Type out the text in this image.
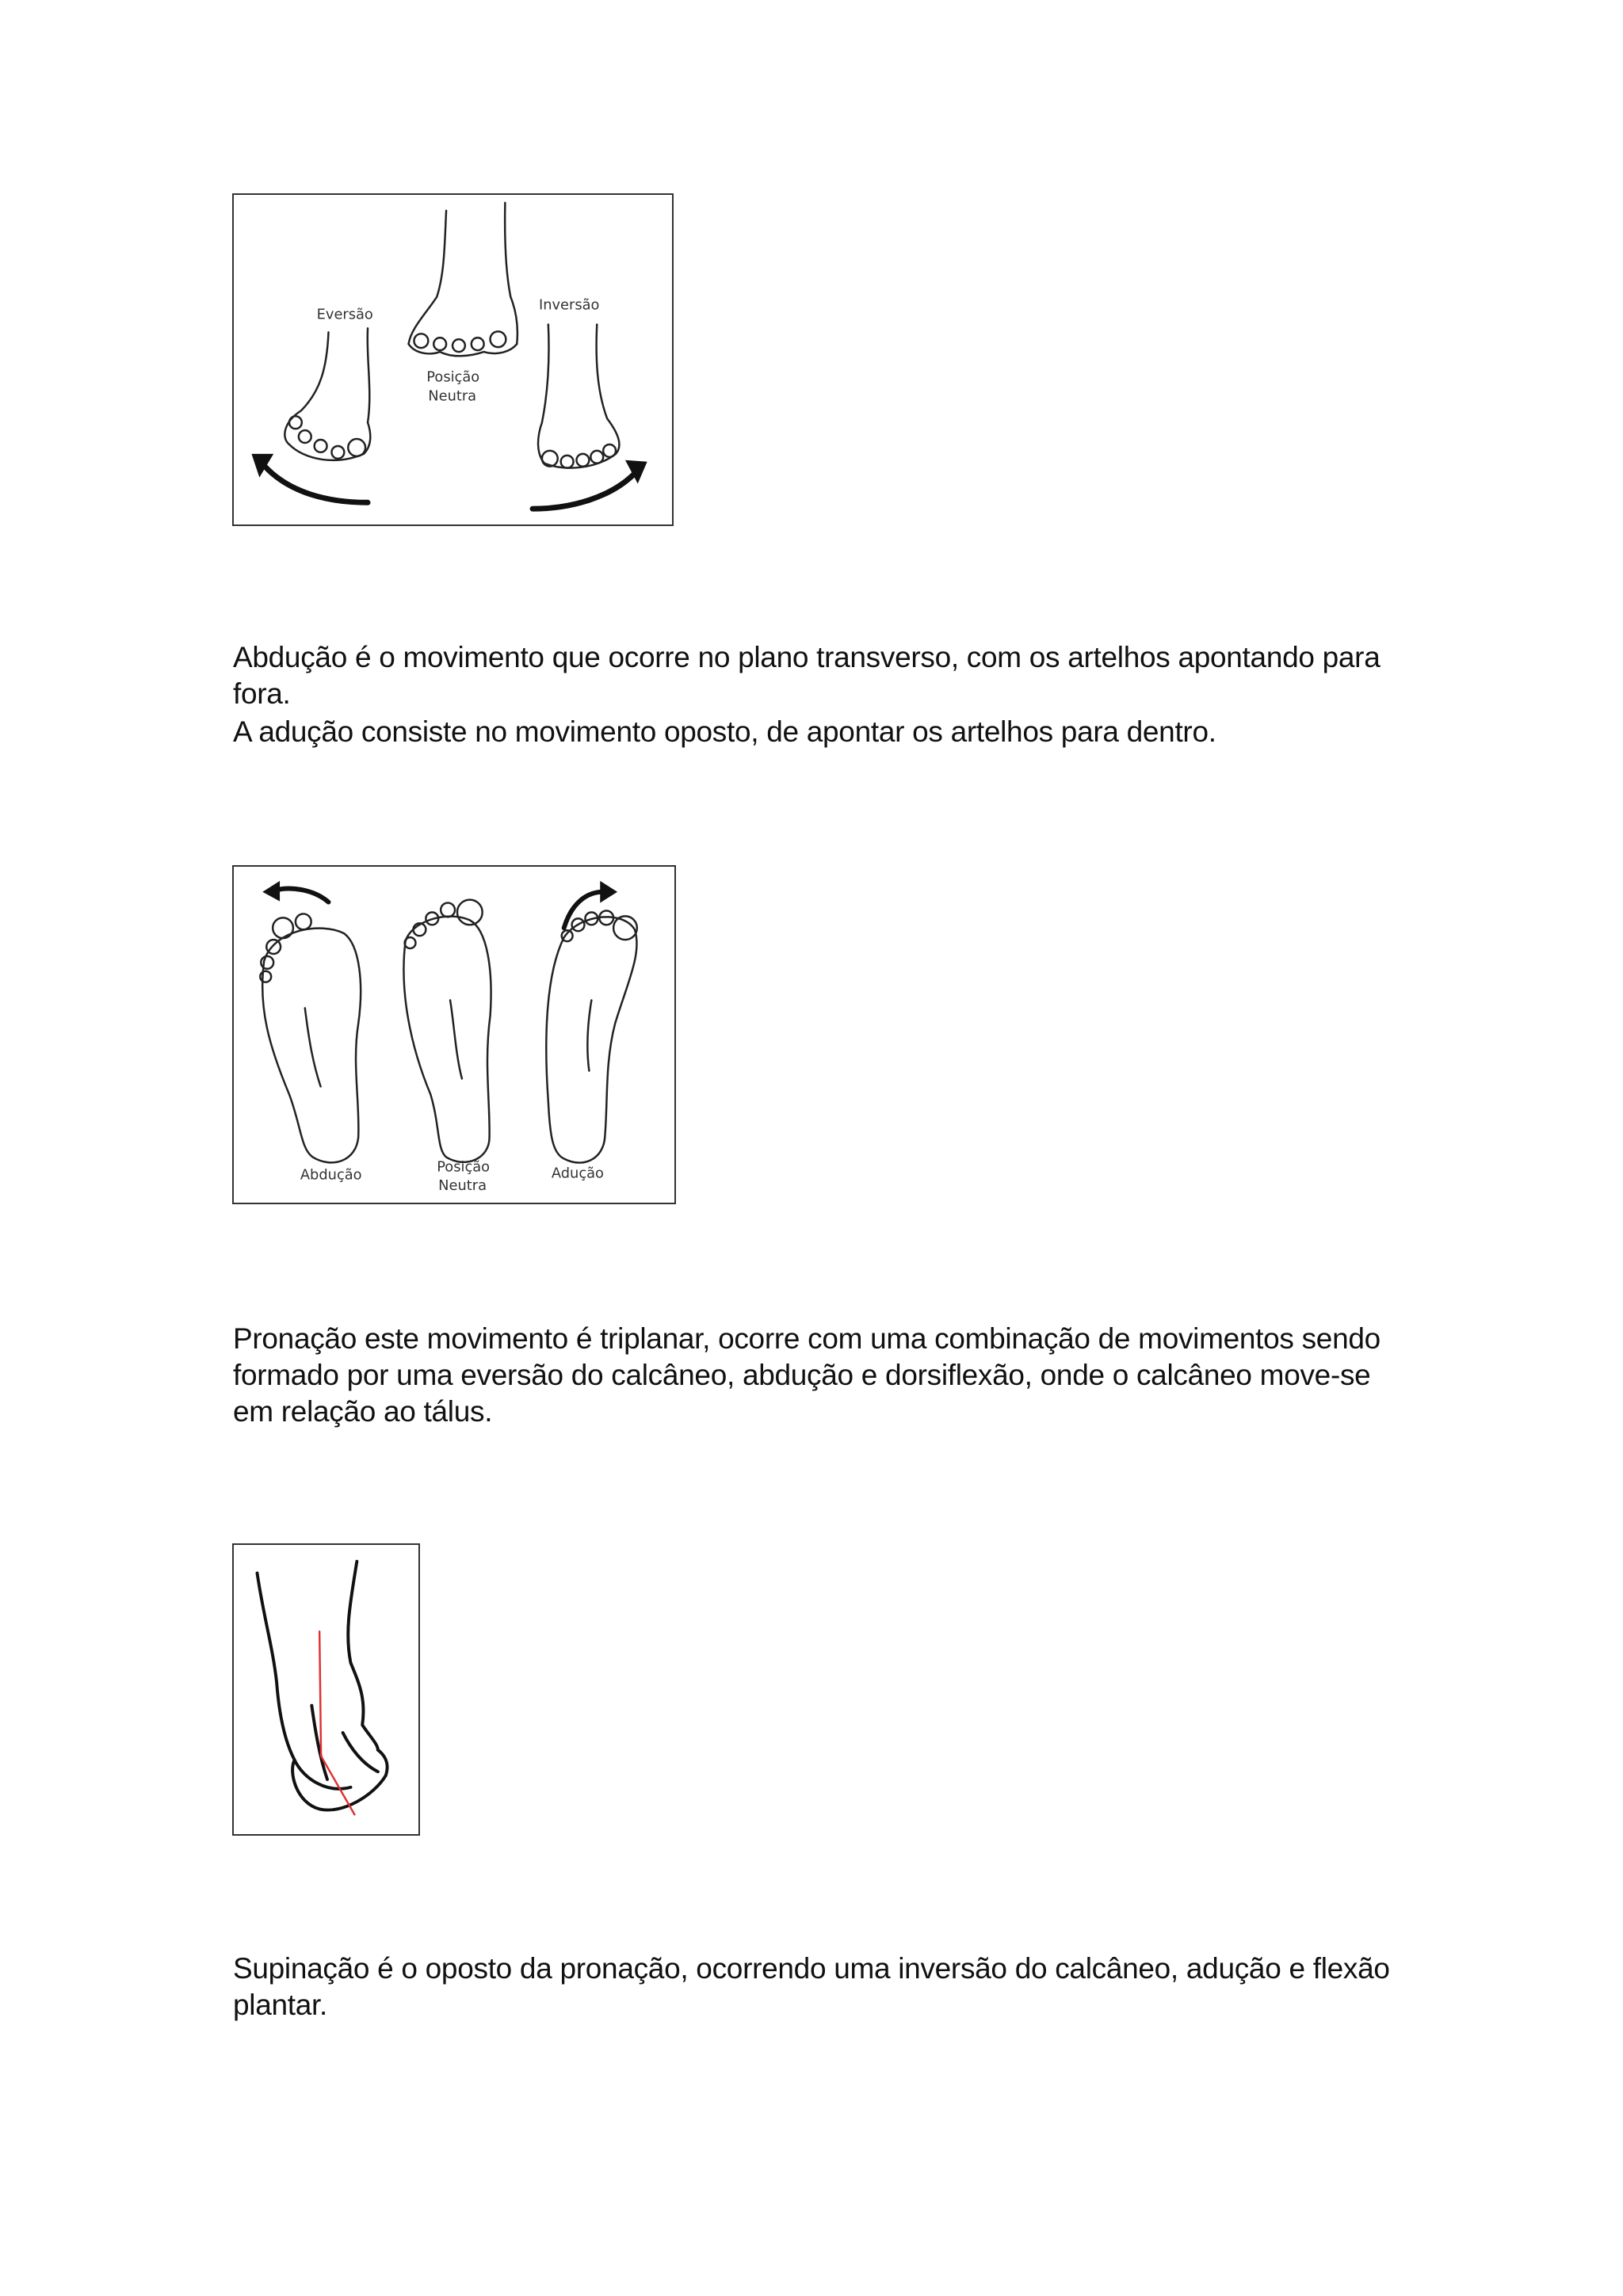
Eversão
Inversão
Posição
Neutra

Abdução é o movimento que ocorre no plano transverso, com os artelhos apontando para fora.

A adução consiste no movimento oposto, de apontar os artelhos para dentro.

Abdução	Posição
Neutra
Adução

Pronação este movimento é triplanar, ocorre com uma combinação de movimentos sendo formado por uma eversão do calcâneo, abdução e dorsiflexão, onde o calcâneo move-se em relação ao tálus.

Supinação é o oposto da pronação, ocorrendo uma inversão do calcâneo, adução e flexão plantar.
